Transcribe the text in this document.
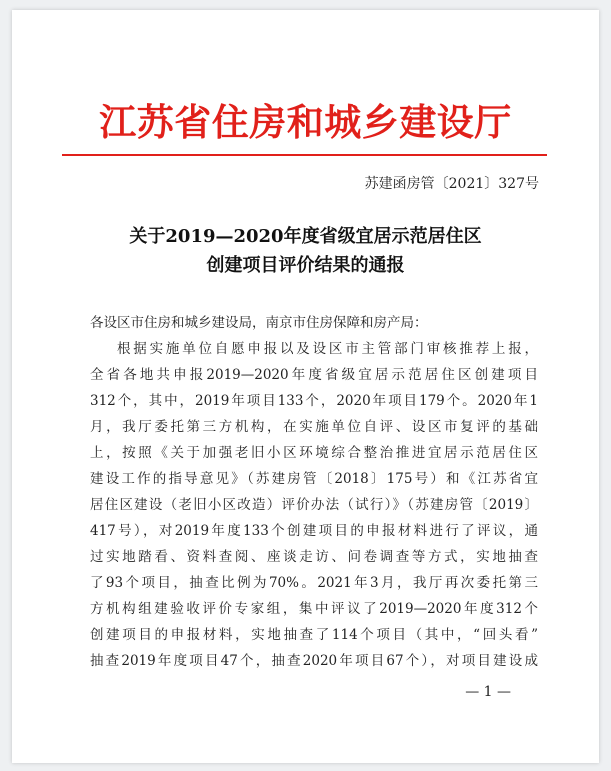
江苏省住房和城乡建设厅
苏建函房管〔2021〕327号
关于2019—2020年度省级宜居示范居住区
创建项目评价结果的通报
各设区市住房和城乡建设局，南京市住房保障和房产局：
根据实施单位自愿申报以及设区市主管部门审核推荐上报，
全省各地共申报2019—2020年度省级宜居示范居住区创建项目
312个，其中，2019年项目133个，2020年项目179个。2020年1
月，我厅委托第三方机构，在实施单位自评、设区市复评的基础
上，按照《关于加强老旧小区环境综合整治推进宜居示范居住区
建设工作的指导意见》（苏建房管〔2018〕175号）和《江苏省宜
居住区建设（老旧小区改造）评价办法（试行）》（苏建房管〔2019〕
417号），对2019年度133个创建项目的申报材料进行了评议，通
过实地踏看、资料查阅、座谈走访、问卷调查等方式，实地抽查
了93个项目，抽查比例为70%。2021年3月，我厅再次委托第三
方机构组建验收评价专家组，集中评议了2019—2020年度312个
创建项目的申报材料，实地抽查了114个项目（其中，“回头看”
抽查2019年度项目47个，抽查2020年项目67个），对项目建设成
— 1 —
